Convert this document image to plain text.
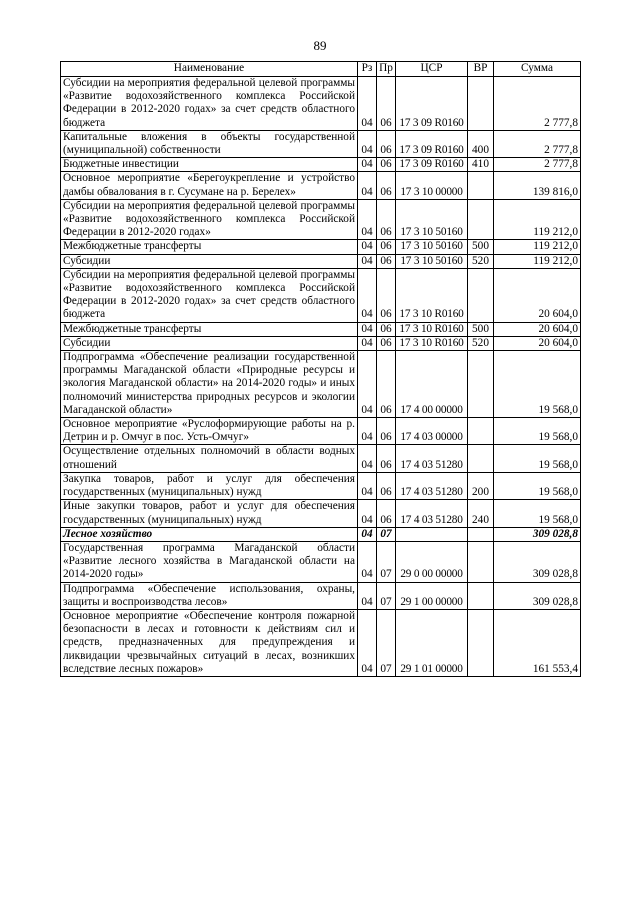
89
Наименование	Рз	Пр	ЦСР	ВР	Сумма
Субсидии на мероприятия федеральной целевой программы «Развитие водохозяйственного комплекса Российской Федерации в 2012-2020 годах» за счет средств областного бюджета	04	06	17 3 09 R0160		2 777,8
Капитальные вложения в объекты государственной (муниципальной) собственности	04	06	17 3 09 R0160	400	2 777,8
Бюджетные инвестиции	04	06	17 3 09 R0160	410	2 777,8
Основное мероприятие «Берегоукрепление и устройство дамбы обвалования в г. Сусумане на р. Берелех»	04	06	17 3 10 00000		139 816,0
Субсидии на мероприятия федеральной целевой программы «Развитие водохозяйственного комплекса Российской Федерации в 2012-2020 годах»	04	06	17 3 10 50160		119 212,0
Межбюджетные трансферты	04	06	17 3 10 50160	500	119 212,0
Субсидии	04	06	17 3 10 50160	520	119 212,0
Субсидии на мероприятия федеральной целевой программы «Развитие водохозяйственного комплекса Российской Федерации в 2012-2020 годах» за счет средств областного бюджета	04	06	17 3 10 R0160		20 604,0
Межбюджетные трансферты	04	06	17 3 10 R0160	500	20 604,0
Субсидии	04	06	17 3 10 R0160	520	20 604,0
Подпрограмма «Обеспечение реализации государственной программы Магаданской области «Природные ресурсы и экология Магаданской области» на 2014-2020 годы» и иных полномочий министерства природных ресурсов и экологии Магаданской области»	04	06	17 4 00 00000		19 568,0
Основное мероприятие «Руслоформирующие работы на р. Детрин и р. Омчуг в пос. Усть-Омчуг»	04	06	17 4 03 00000		19 568,0
Осуществление отдельных полномочий в области водных отношений	04	06	17 4 03 51280		19 568,0
Закупка товаров, работ и услуг для обеспечения государственных (муниципальных) нужд	04	06	17 4 03 51280	200	19 568,0
Иные закупки товаров, работ и услуг для обеспечения государственных (муниципальных) нужд	04	06	17 4 03 51280	240	19 568,0
Лесное хозяйство	04	07			309 028,8
Государственная программа Магаданской области «Развитие лесного хозяйства в Магаданской области на 2014-2020 годы»	04	07	29 0 00 00000		309 028,8
Подпрограмма «Обеспечение использования, охраны, защиты и воспроизводства лесов»	04	07	29 1 00 00000		309 028,8
Основное мероприятие «Обеспечение контроля пожарной безопасности в лесах и готовности к действиям сил и средств, предназначенных для предупреждения и ликвидации чрезвычайных ситуаций в лесах, возникших вследствие лесных пожаров»	04	07	29 1 01 00000		161 553,4
